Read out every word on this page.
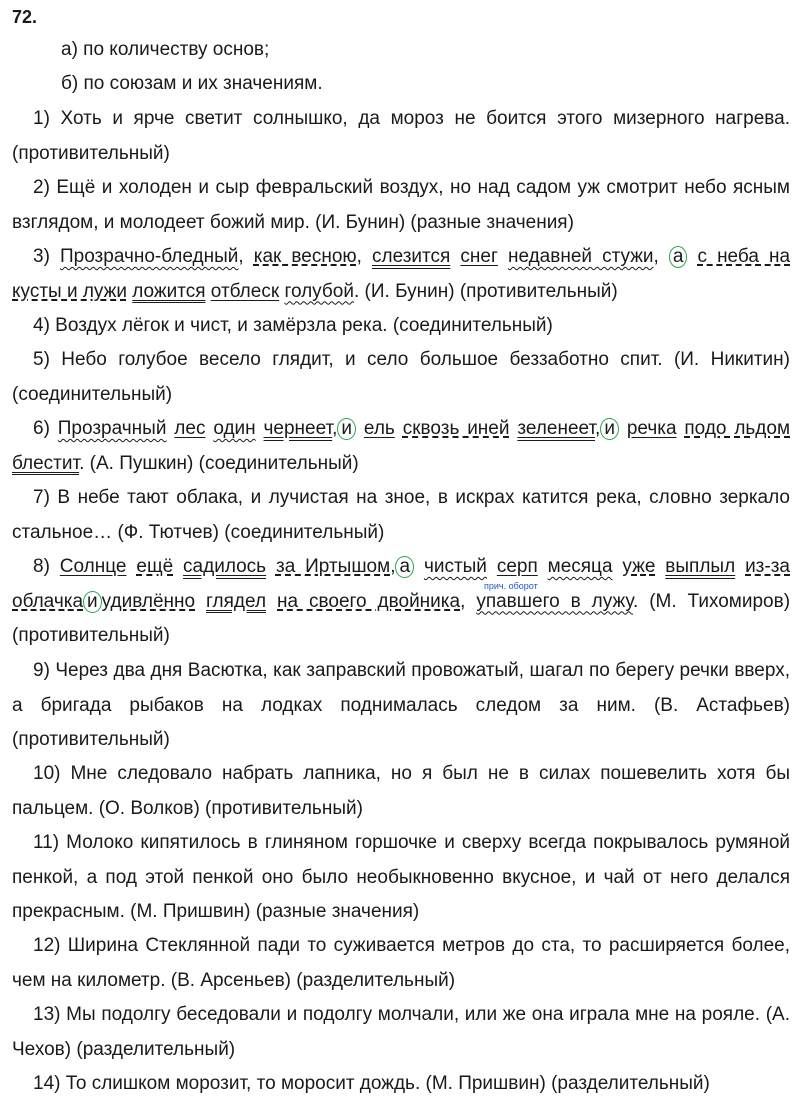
72.
а) по количеству основ;
б) по союзам и их значениям.
1) Хоть и ярче светит солнышко, да мороз не боится этого мизерного нагрева. (противительный)
2) Ещё и холоден и сыр февральский воздух, но над садом уж смотрит небо ясным взглядом, и молодеет божий мир. (И. Бунин) (разные значения)
3) Прозрачно-бледный, как весною, слезится снег недавней стужи, а с неба на кусты и лужи ложится отблеск голубой. (И. Бунин) (противительный)
4) Воздух лёгок и чист, и замёрзла река. (соединительный)
5) Небо голубое весело глядит, и село большое беззаботно спит. (И. Никитин) (соединительный)
6) Прозрачный лес один чернеет, и ель сквозь иней зеленеет, и речка подо льдом блестит. (А. Пушкин) (соединительный)
7) В небе тают облака, и лучистая на зное, в искрах катится река, словно зеркало стальное… (Ф. Тютчев) (соединительный)
8) Солнце ещё садилось за Иртышом, а чистый серп месяца уже выплыл из-за облачка и удивлённо глядел на своего двойника, упавшего в лужу. (М. Тихомиров) (противительный)
прич. оборот
9) Через два дня Васютка, как заправский провожатый, шагал по берегу речки вверх, а бригада рыбаков на лодках поднималась следом за ним. (В. Астафьев) (противительный)
10) Мне следовало набрать лапника, но я был не в силах пошевелить хотя бы пальцем. (О. Волков) (противительный)
11) Молоко кипятилось в глиняном горшочке и сверху всегда покрывалось румяной пенкой, а под этой пенкой оно было необыкновенно вкусное, и чай от него делался прекрасным. (М. Пришвин) (разные значения)
12) Ширина Стеклянной пади то суживается метров до ста, то расширяется более, чем на километр. (В. Арсеньев) (разделительный)
13) Мы подолгу беседовали и подолгу молчали, или же она играла мне на рояле. (А. Чехов) (разделительный)
14) То слишком морозит, то моросит дождь. (М. Пришвин) (разделительный)
